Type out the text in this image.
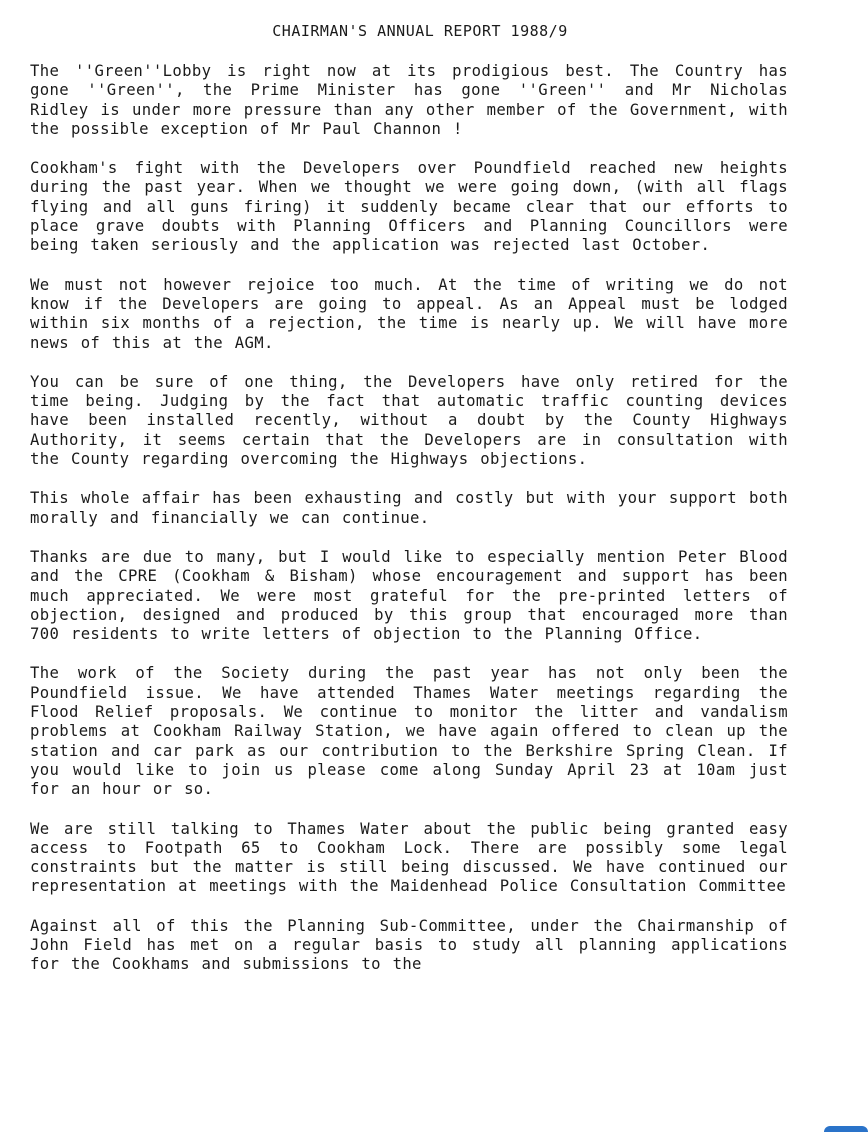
CHAIRMAN'S ANNUAL REPORT 1988/9

The ''Green''Lobby is right now at its prodigious best. The Country has gone ''Green'', the Prime Minister has gone ''Green'' and Mr Nicholas Ridley is under more pressure than any other member of the Government, with the possible exception of Mr Paul Channon !

Cookham's fight with the Developers over Poundfield reached new heights during the past year. When we thought we were going down, (with all flags flying and all guns firing) it suddenly became clear that our efforts to place grave doubts with Planning Officers and Planning Councillors were being taken seriously and the application was rejected last October.

We must not however rejoice too much. At the time of writing we do not know if the Developers are going to appeal. As an Appeal must be lodged within six months of a rejection, the time is nearly up. We will have more news of this at the AGM.

You can be sure of one thing, the Developers have only retired for the time being. Judging by the fact that automatic traffic counting devices have been installed recently, without a doubt by the County Highways Authority, it seems certain that the Developers are in consultation with the County regarding overcoming the Highways objections.

This whole affair has been exhausting and costly but with your support both morally and financially we can continue.

Thanks are due to many, but I would like to especially mention Peter Blood and the CPRE (Cookham & Bisham) whose encouragement and support has been much appreciated. We were most grateful for the pre-printed letters of objection, designed and produced by this group that encouraged more than 700 residents to write letters of objection to the Planning Office.

The work of the Society during the past year has not only been the Poundfield issue. We have attended Thames Water meetings regarding the Flood Relief proposals. We continue to monitor the litter and vandalism problems at Cookham Railway Station, we have again offered to clean up the station and car park as our contribution to the Berkshire Spring Clean. If you would like to join us please come along Sunday April 23 at 10am just for an hour or so.

We are still talking to Thames Water about the public being granted easy access to Footpath 65 to Cookham Lock. There are possibly some legal constraints but the matter is still being discussed. We have continued our representation at meetings with the Maidenhead Police Consultation Committee

Against all of this the Planning Sub-Committee, under the Chairmanship of John Field has met on a regular basis to study all planning applications for the Cookhams and submissions to the
